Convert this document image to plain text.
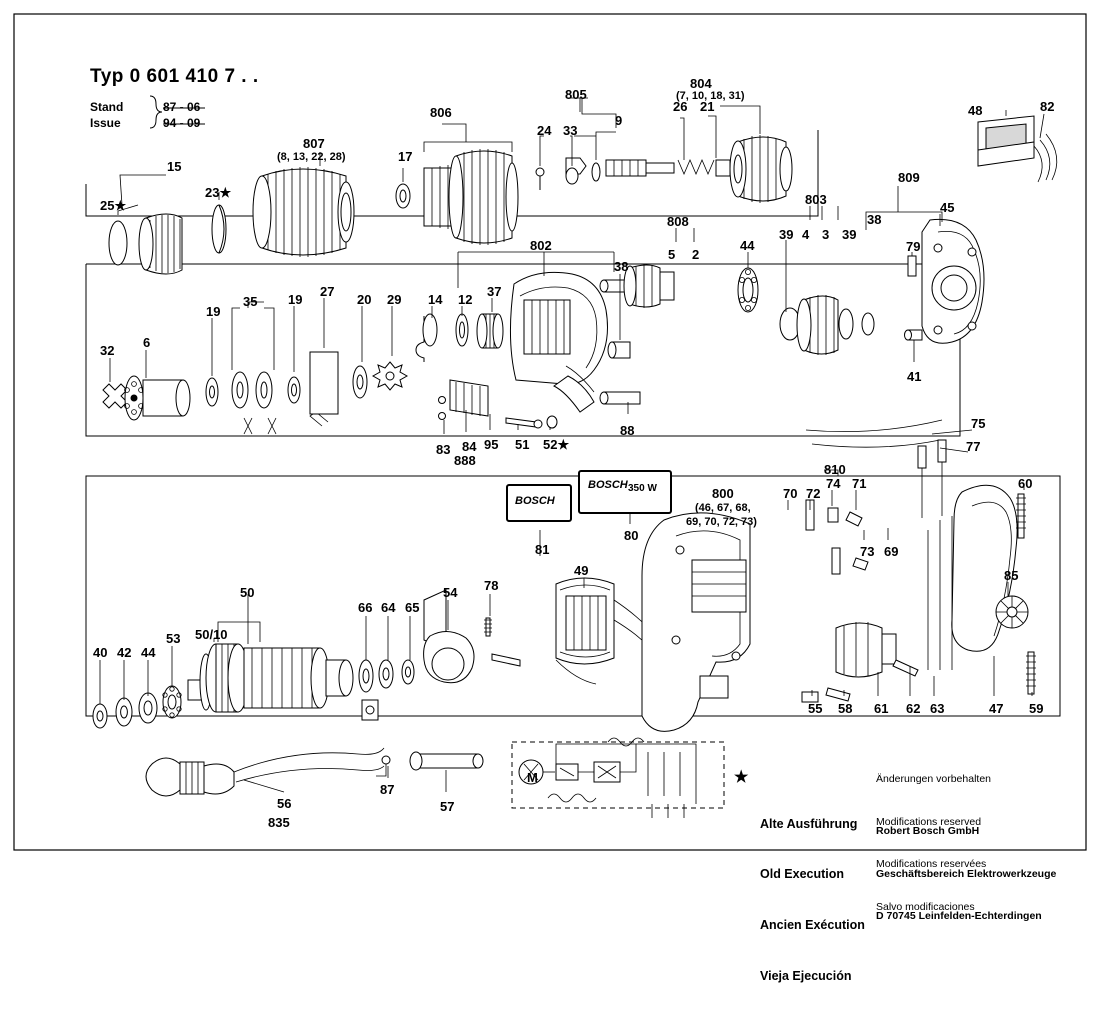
Typ 0 601 410 7 . .
Stand
Issue
87 - 06
94 - 09
BOSCH
BOSCH 350 W

★

Alte Ausführung

Old Execution

Ancien Exécution

Vieja Ejecución

Änderungen vorbehalten

Modifications reserved

Modifications reservées

Salvo modificaciones

Robert Bosch GmbH

Geschäftsbereich Elektrowerkzeuge

D 70745 Leinfelden-Echterdingen

806
805
26 21
804
(7, 10, 18, 31)
48	82
807
(8, 13, 22, 28)	17
24 33
9
15
23★
25★
809
803
808
45
38
39 4 3 39
5 2
44	79
802
38
14 12
37
19
35 19
27
20 29
32
6
41
83 84
888
95 51 52★
88	75
77
810
70 72
74 71	60
800
(46, 67, 68,
69, 70, 72, 73)
73 69
81
80
85
50
50/10
54 78
49
66 64 65
40 42 44
53
55 58 61 62 63	47 59
87
57
56
835
M
